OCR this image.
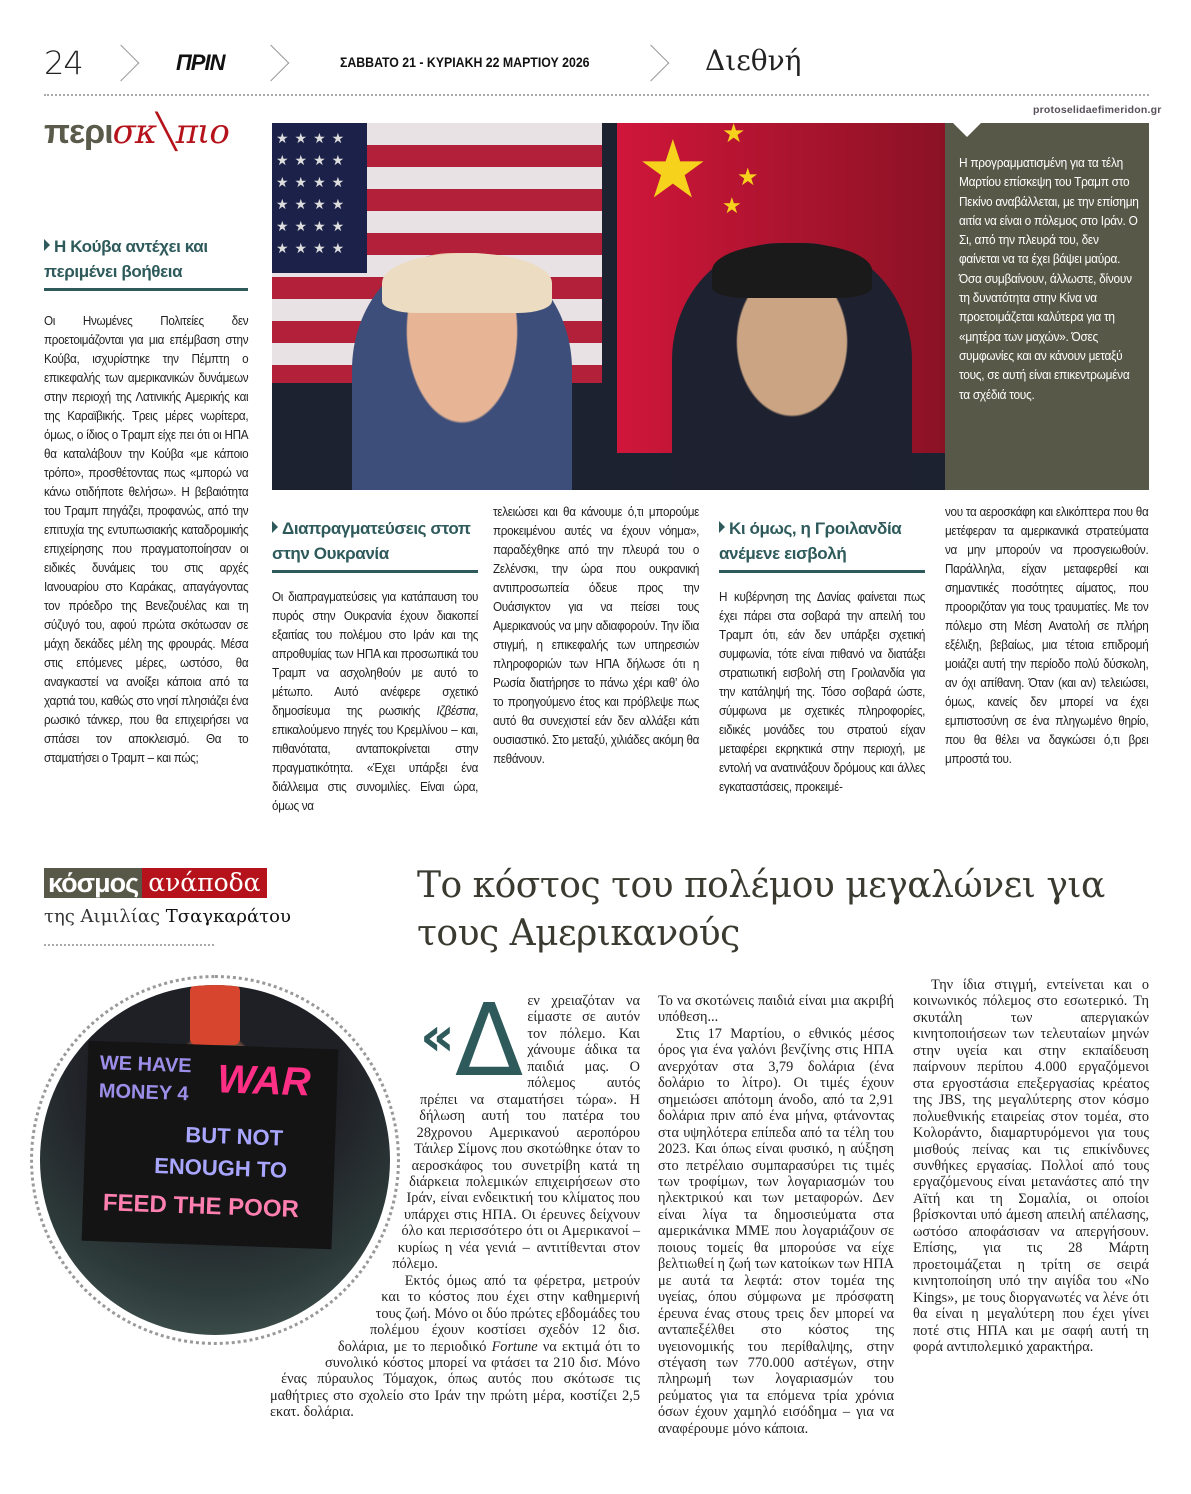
24	ΠΡΙΝ	ΣΑΒΒΑΤΟ 21 - ΚΥΡΙΑΚΗ 22 ΜΑΡΤΙΟΥ 2026	Διεθνή
περισκ╲πιο	★★★★ ★★★★ ★★★★ ★★★★ ★★★★ ★★★★
★ ★
★
★
Η προγραμματισμένη για τα τέλη Μαρτίου επίσκεψη του Τραμπ στο Πεκίνο αναβάλλεται, με την επίσημη αιτία να είναι ο πόλεμος στο Ιράν. Ο Σι, από την πλευρά του, δεν φαίνεται να τα έχει βάψει μαύρα. Όσα συμβαίνουν, άλλωστε, δίνουν τη δυνατότητα στην Κίνα να προετοιμάζεται καλύτερα για τη «μητέρα των μαχών». Όσες συμφωνίες και αν κάνουν μεταξύ τους, σε αυτή είναι επικεντρωμένα τα σχέδιά τους.
protoselidaefimeridon.gr
Η Κούβα αντέχει και περιμένει βοήθεια
Οι Ηνωμένες Πολιτείες δεν προετοιμάζονται για μια επέμβαση στην Κούβα, ισχυρίστηκε την Πέμπτη ο επικεφαλής των αμερικανικών δυνάμεων στην περιοχή της Λατινικής Αμερικής και της Καραϊβικής. Τρεις μέρες νωρίτερα, όμως, ο ίδιος ο Τραμπ είχε πει ότι οι ΗΠΑ θα καταλάβουν την Κούβα «με κάποιο τρόπο», προσθέτοντας πως «μπορώ να κάνω οτιδήποτε θελήσω». Η βεβαιότητα του Τραμπ πηγάζει, προφανώς, από την επιτυχία της εντυπωσιακής καταδρομικής επιχείρησης που πραγματοποίησαν οι ειδικές δυνάμεις του στις αρχές Ιανουαρίου στο Καράκας, απαγάγοντας τον πρόεδρο της Βενεζουέλας και τη σύζυγό του, αφού πρώτα σκότωσαν σε μάχη δεκάδες μέλη της φρουράς. Μέσα στις επόμενες μέρες, ωστόσο, θα αναγκαστεί να ανοίξει κάποια από τα χαρτιά του, καθώς στο νησί πλησιάζει ένα ρωσικό τάνκερ, που θα επιχειρήσει να σπάσει τον αποκλεισμό. Θα το σταματήσει ο Τραμπ – και πώς;
Διαπραγματεύσεις στοπ στην Ουκρανία
Οι διαπραγματεύσεις για κατάπαυση του πυρός στην Ουκρανία έχουν διακοπεί εξαιτίας του πολέμου στο Ιράν και της απροθυμίας των ΗΠΑ και προσωπικά του Τραμπ να ασχοληθούν με αυτό το μέτωπο. Αυτό ανέφερε σχετικό δημοσίευμα της ρωσικής Ιζβέστια, επικαλούμενο πηγές του Κρεμλίνου – και, πιθανότατα, ανταποκρίνεται στην πραγματικότητα. «Έχει υπάρξει ένα διάλλειμα στις συνομιλίες. Είναι ώρα, όμως να
τελειώσει και θα κάνουμε ό,τι μπορούμε προκειμένου αυτές να έχουν νόημα», παραδέχθηκε από την πλευρά του ο Ζελένσκι, την ώρα που ουκρανική αντιπροσωπεία όδευε προς την Ουάσιγκτον για να πείσει τους Αμερικανούς να μην αδιαφορούν. Την ίδια στιγμή, η επικεφαλής των υπηρεσιών πληροφοριών των ΗΠΑ δήλωσε ότι η Ρωσία διατήρησε το πάνω χέρι καθ’ όλο το προηγούμενο έτος και πρόβλεψε πως αυτό θα συνεχιστεί εάν δεν αλλάξει κάτι ουσιαστικό. Στο μεταξύ, χιλιάδες ακόμη θα πεθάνουν.
Κι όμως, η Γροιλανδία ανέμενε εισβολή
Η κυβέρνηση της Δανίας φαίνεται πως έχει πάρει στα σοβαρά την απειλή του Τραμπ ότι, εάν δεν υπάρξει σχετική συμφωνία, τότε είναι πιθανό να διατάξει στρατιωτική εισβολή στη Γροιλανδία για την κατάληψή της. Τόσο σοβαρά ώστε, σύμφωνα με σχετικές πληροφορίες, ειδικές μονάδες του στρατού είχαν μεταφέρει εκρηκτικά στην περιοχή, με εντολή να ανατινάξουν δρόμους και άλλες εγκαταστάσεις, προκειμέ-
νου τα αεροσκάφη και ελικόπτερα που θα μετέφεραν τα αμερικανικά στρατεύματα να μην μπορούν να προσγειωθούν. Παράλληλα, είχαν μεταφερθεί και σημαντικές ποσότητες αίματος, που προοριζόταν για τους τραυματίες. Με τον πόλεμο στη Μέση Ανατολή σε πλήρη εξέλιξη, βεβαίως, μια τέτοια επιδρομή μοιάζει αυτή την περίοδο πολύ δύσκολη, αν όχι απίθανη. Όταν (και αν) τελειώσει, όμως, κανείς δεν μπορεί να έχει εμπιστοσύνη σε ένα πληγωμένο θηρίο, που θα θέλει να δαγκώσει ό,τι βρει μπροστά του.
κόσμος ανάποδα
της Αιμιλίας Τσαγκαράτου
Το κόστος του πολέμου μεγαλώνει για τους Αμερικανούς
WE HAVE
MONEY 4 WAR
BUT NOT
ENOUGH TO
FEED THE POOR
«Δ εν χρειαζόταν να είμαστε σε αυτόν τον πόλεμο. Και χάνουμε άδικα τα παιδιά μας. Ο πόλεμος αυτός πρέπει να σταματήσει τώρα». Η δήλωση αυτή του πατέρα του 28χρονου Αμερικανού αεροπόρου Τάιλερ Σίμονς που σκοτώθηκε όταν το αεροσκάφος του συνετρίβη κατά τη διάρκεια πολεμικών επιχειρήσεων στο Ιράν, είναι ενδεικτική του κλίματος που υπάρχει στις ΗΠΑ. Οι έρευνες δείχνουν όλο και περισσότερο ότι οι Αμερικανοί – κυρίως η νέα γενιά – αντιτίθενται στον πόλεμο.

Εκτός όμως από τα φέρετρα, μετρούν και το κόστος που έχει στην καθημερινή τους ζωή. Μόνο οι δύο πρώτες εβδομάδες του πολέμου έχουν κοστίσει σχεδόν 12 δισ. δολάρια, με το περιοδικό Fortune να εκτιμά ότι το συνολικό κόστος μπορεί να φτάσει τα 210 δισ. Μόνο ένας πύραυλος Τόμαχοκ, όπως αυτός που σκότωσε τις μαθήτριες στο σχολείο στο Ιράν την πρώτη μέρα, κοστίζει 2,5 εκατ. δολάρια.

Το να σκοτώνεις παιδιά είναι μια ακριβή υπόθεση...

Στις 17 Μαρτίου, ο εθνικός μέσος όρος για ένα γαλόνι βενζίνης στις ΗΠΑ ανερχόταν στα 3,79 δολάρια (ένα δολάριο το λίτρο). Οι τιμές έχουν σημειώσει απότομη άνοδο, από τα 2,91 δολάρια πριν από ένα μήνα, φτάνοντας στα υψηλότερα επίπεδα από τα τέλη του 2023. Και όπως είναι φυσικό, η αύξηση στο πετρέλαιο συμπαρασύρει τις τιμές των τροφίμων, των λογαριασμών του ηλεκτρικού και των μεταφορών. Δεν είναι λίγα τα δημοσιεύματα στα αμερικάνικα ΜΜΕ που λογαριάζουν σε ποιους τομείς θα μπορούσε να είχε βελτιωθεί η ζωή των κατοίκων των ΗΠΑ με αυτά τα λεφτά: στον τομέα της υγείας, όπου σύμφωνα με πρόσφατη έρευνα ένας στους τρεις δεν μπορεί να ανταπεξέλθει στο κόστος της υγειονομικής του περίθαλψης, στην στέγαση των 770.000 αστέγων, στην πληρωμή των λογαριασμών του ρεύματος για τα επόμενα τρία χρόνια όσων έχουν χαμηλό εισόδημα – για να αναφέρουμε μόνο κάποια.

Την ίδια στιγμή, εντείνεται και ο κοινωνικός πόλεμος στο εσωτερικό. Τη σκυτάλη των απεργιακών κινητοποιήσεων των τελευταίων μηνών στην υγεία και στην εκπαίδευση παίρνουν περίπου 4.000 εργαζόμενοι στα εργοστάσια επεξεργασίας κρέατος της JBS, της μεγαλύτερης στον κόσμο πολυεθνικής εταιρείας στον τομέα, στο Κολοράντο, διαμαρτυρόμενοι για τους μισθούς πείνας και τις επικίνδυνες συνθήκες εργασίας. Πολλοί από τους εργαζόμενους είναι μετανάστες από την Αϊτή και τη Σομαλία, οι οποίοι βρίσκονται υπό άμεση απειλή απέλασης, ωστόσο αποφάσισαν να απεργήσουν. Επίσης, για τις 28 Μάρτη προετοιμάζεται η τρίτη σε σειρά κινητοποίηση υπό την αιγίδα του «No Kings», με τους διοργανωτές να λένε ότι θα είναι η μεγαλύτερη που έχει γίνει ποτέ στις ΗΠΑ και με σαφή αυτή τη φορά αντιπολεμικό χαρακτήρα.
